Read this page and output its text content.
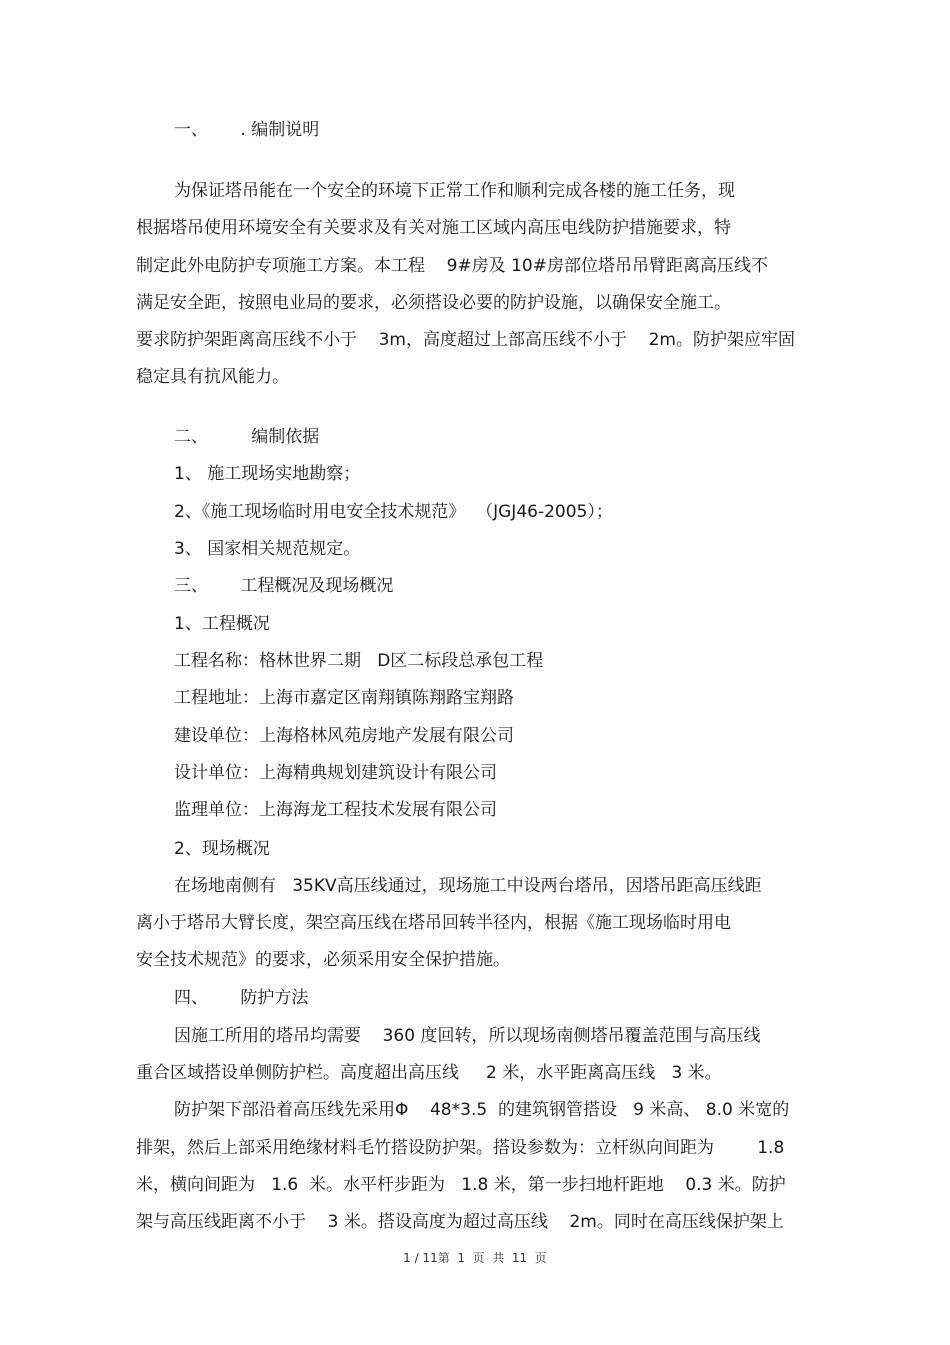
一、      . 编制说明

为保证塔吊能在一个安全的环境下正常工作和顺利完成各楼的施工任务，现

根据塔吊使用环境安全有关要求及有关对施工区域内高压电线防护措施要求，特

制定此外电防护专项施工方案。本工程    9#房及 10#房部位塔吊吊臂距离高压线不

满足安全距，按照电业局的要求，必须搭设必要的防护设施，以确保安全施工。

要求防护架距离高压线不小于    3m，高度超过上部高压线不小于    2m。防护架应牢固

稳定具有抗风能力。

二、        编制依据

1、 施工现场实地勘察；

2、《施工现场临时用电安全技术规范》  （JGJ46-2005）；

3、 国家相关规范规定。

三、      工程概况及现场概况

1、工程概况

工程名称：格林世界二期   D区二标段总承包工程

工程地址：上海市嘉定区南翔镇陈翔路宝翔路

建设单位：上海格林风苑房地产发展有限公司

设计单位：上海精典规划建筑设计有限公司

监理单位：上海海龙工程技术发展有限公司

2、现场概况

在场地南侧有   35KV高压线通过，现场施工中设两台塔吊，因塔吊距高压线距

离小于塔吊大臂长度，架空高压线在塔吊回转半径内，根据《施工现场临时用电

安全技术规范》的要求，必须采用安全保护措施。

四、      防护方法

因施工所用的塔吊均需要    360 度回转，所以现场南侧塔吊覆盖范围与高压线

重合区域搭设单侧防护栏。高度超出高压线     2 米，水平距离高压线   3 米。

防护架下部沿着高压线先采用Φ    48*3.5  的建筑钢管搭设   9 米高、 8.0 米宽的

排架，然后上部采用绝缘材料毛竹搭设防护架。搭设参数为：立杆纵向间距为        1.8

米，横向间距为   1.6  米。水平杆步距为   1.8 米，第一步扫地杆距地    0.3 米。防护

架与高压线距离不小于    3 米。搭设高度为超过高压线    2m。同时在高压线保护架上

1 / 11第  1  页  共  11  页
